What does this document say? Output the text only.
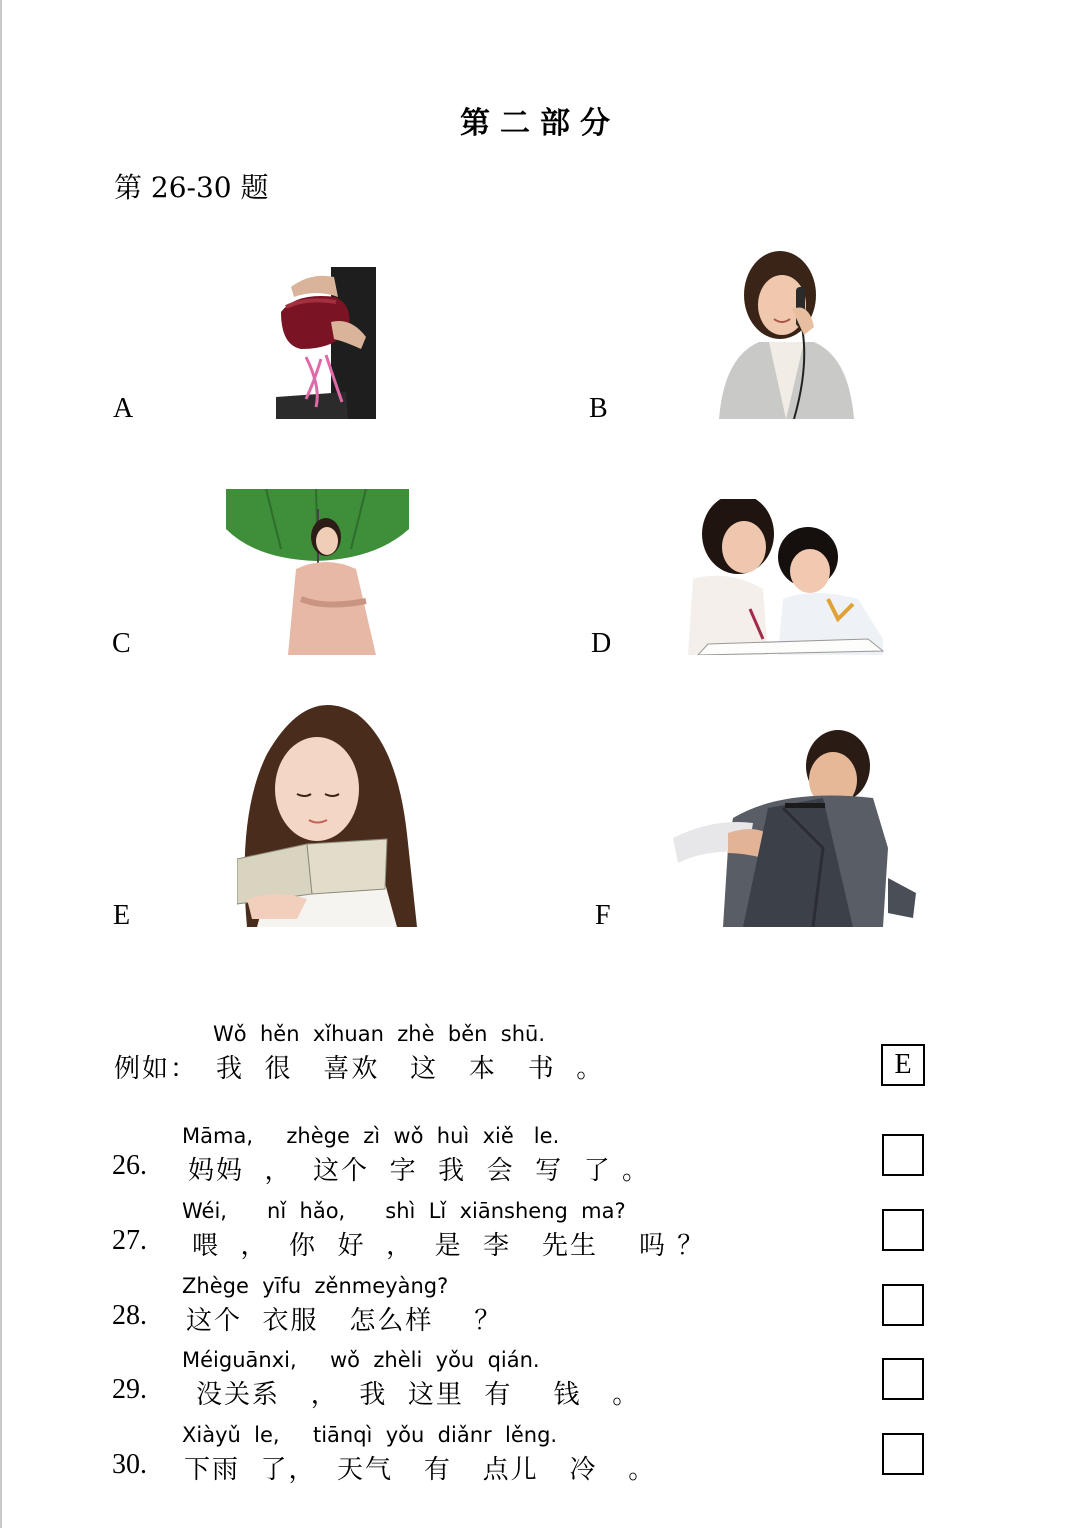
第二部分
第 26-30 题
A	B
C	D
E	F
Wǒ  hěn  xǐhuan  zhè  běn  shū.
例如： 我  很   喜欢   这   本   书  。	E
Māma,     zhège  zì  wǒ  huì  xiě   le.
26. 妈妈  ，  这个  字  我  会  写  了 。
Wéi,      nǐ  hǎo,      shì  Lǐ  xiānsheng  ma?
27. 喂  ，  你  好  ，  是  李   先生    吗 ？
Zhège  yīfu  zěnmeyàng?
28. 这个  衣服   怎么样    ？
Méiguānxi,     wǒ  zhèli  yǒu  qián.
29. 没关系   ，  我  这里  有    钱   。
Xiàyǔ  le,     tiānqì  yǒu  diǎnr  lěng.
30. 下雨  了，  天气   有   点儿   冷   。
